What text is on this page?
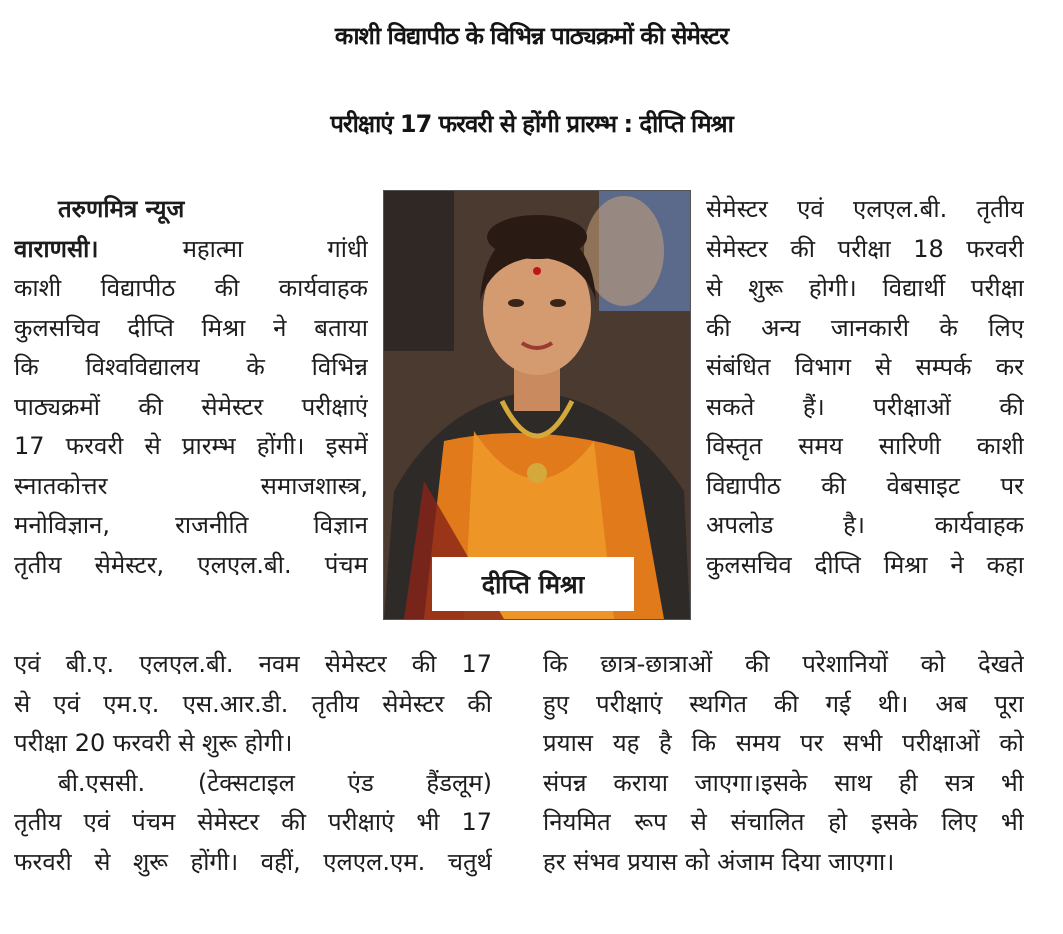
काशी विद्यापीठ के विभिन्न पाठ्यक्रमों की सेमेस्टर
परीक्षाएं 17 फरवरी से होंगी प्रारम्भ : दीप्ति मिश्रा
तरुणमित्र न्यूज
वाराणसी।	महात्मा गांधी
काशी विद्यापीठ की कार्यवाहक
कुलसचिव दीप्ति मिश्रा ने बताया
कि विश्वविद्यालय के विभिन्न
पाठ्यक्रमों की सेमेस्टर परीक्षाएं
17 फरवरी से प्रारम्भ होंगी। इसमें
स्नातकोत्तर समाजशास्त्र,
मनोविज्ञान, राजनीति विज्ञान
तृतीय सेमेस्टर, एलएल.बी. पंचम
एवं बी.ए. एलएल.बी. नवम सेमेस्टर की 17
से एवं एम.ए. एस.आर.डी. तृतीय सेमेस्टर की
परीक्षा 20 फरवरी से शुरू होगी।
बी.एससी. (टेक्सटाइल एंड हैंडलूम)
तृतीय एवं पंचम सेमेस्टर की परीक्षाएं भी 17
फरवरी से शुरू होंगी। वहीं, एलएल.एम. चतुर्थ
दीप्ति मिश्रा
सेमेस्टर एवं एलएल.बी. तृतीय
सेमेस्टर की परीक्षा 18 फरवरी
से शुरू होगी। विद्यार्थी परीक्षा
की अन्य जानकारी के लिए
संबंधित विभाग से सम्पर्क कर
सकते हैं। परीक्षाओं की
विस्तृत समय सारिणी काशी
विद्यापीठ की वेबसाइट पर
अपलोड है। कार्यवाहक
कुलसचिव दीप्ति मिश्रा ने कहा
कि छात्र-छात्राओं की परेशानियों को देखते
हुए परीक्षाएं स्थगित की गई थी। अब पूरा
प्रयास यह है कि समय पर सभी परीक्षाओं को
संपन्न कराया जाएगा।इसके साथ ही सत्र भी
नियमित रूप से संचालित हो इसके लिए भी
हर संभव प्रयास को अंजाम दिया जाएगा।
